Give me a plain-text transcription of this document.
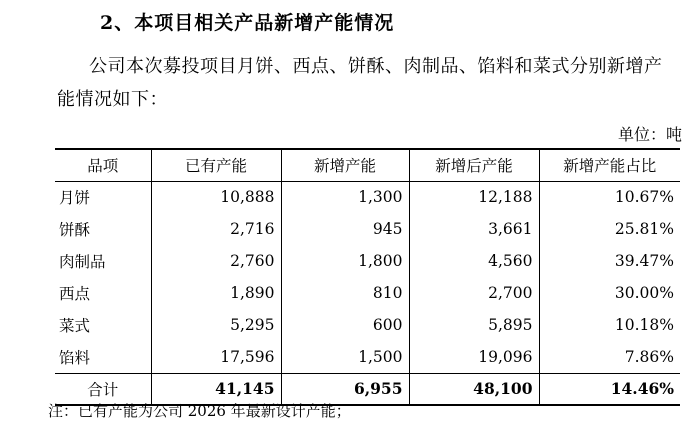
2、本项目相关产品新增产能情况
公司本次募投项目月饼、西点、饼酥、肉制品、馅料和菜式分别新增产能情况如下：
单位：吨
品项	已有产能	新增产能	新增后产能	新增产能占比
月饼	10,888	1,300	12,188	10.67%
饼酥	2,716	945	3,661	25.81%
肉制品	2,760	1,800	4,560	39.47%
西点	1,890	810	2,700	30.00%
菜式	5,295	600	5,895	10.18%
馅料	17,596	1,500	19,096	7.86%
合计	41,145	6,955	48,100	14.46%
注：已有产能为公司 2026 年最新设计产能；
